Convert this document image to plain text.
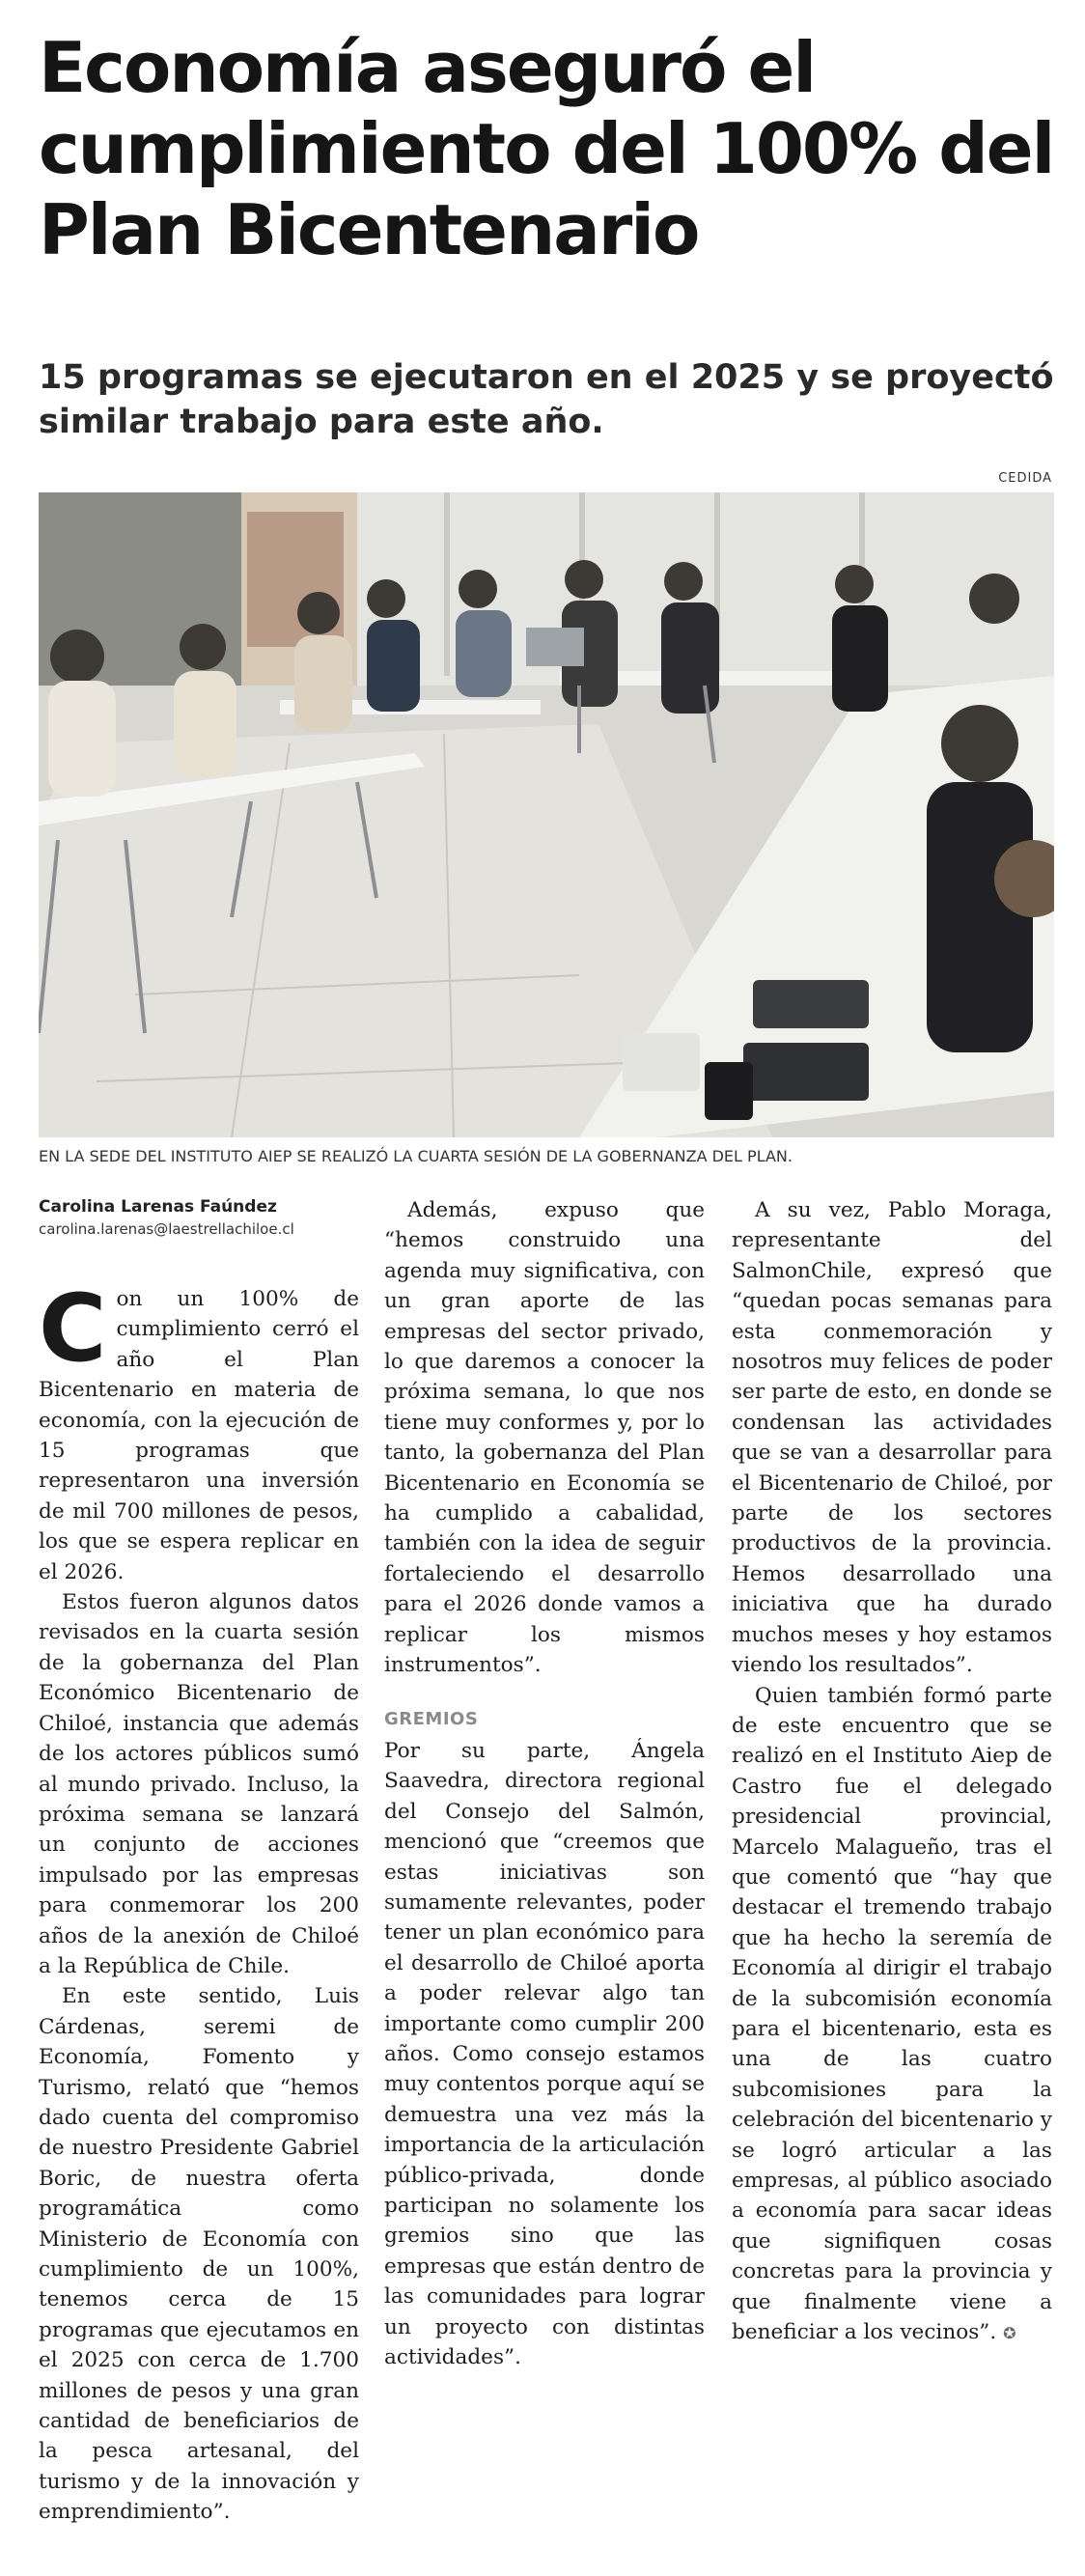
Economía aseguró el cumplimiento del 100% del Plan Bicentenario
15 programas se ejecutaron en el 2025 y se proyectó similar trabajo para este año.
CEDIDA
EN LA SEDE DEL INSTITUTO AIEP SE REALIZÓ LA CUARTA SESIÓN DE LA GOBERNANZA DEL PLAN.
Carolina Larenas Faúndez
carolina.larenas@laestrellachiloe.cl

C on un 100% de cumplimiento cerró el año el Plan Bicentenario en materia de economía, con la ejecución de 15 programas que representaron una inversión de mil 700 millones de pesos, los que se espera replicar en el 2026.

Estos fueron algunos datos revisados en la cuarta sesión de la gobernanza del Plan Económico Bicentenario de Chiloé, instancia que además de los actores públicos sumó al mundo privado. Incluso, la próxima semana se lanzará un conjunto de acciones impulsado por las empresas para conmemorar los 200 años de la anexión de Chiloé a la República de Chile.

En este sentido, Luis Cárdenas, seremi de Economía, Fomento y Turismo, relató que “hemos dado cuenta del compromiso de nuestro Presidente Gabriel Boric, de nuestra oferta programática como Ministerio de Economía con cumplimiento de un 100%, tenemos cerca de 15 programas que ejecutamos en el 2025 con cerca de 1.700 millones de pesos y una gran cantidad de beneficiarios de la pesca artesanal, del turismo y de la innovación y emprendimiento”.

Además, expuso que “hemos construido una agenda muy significativa, con un gran aporte de las empresas del sector privado, lo que daremos a conocer la próxima semana, lo que nos tiene muy conformes y, por lo tanto, la gobernanza del Plan Bicentenario en Economía se ha cumplido a cabalidad, también con la idea de seguir fortaleciendo el desarrollo para el 2026 donde vamos a replicar los mismos instrumentos”.

GREMIOS

Por su parte, Ángela Saavedra, directora regional del Consejo del Salmón, mencionó que “creemos que estas iniciativas son sumamente relevantes, poder tener un plan económico para el desarrollo de Chiloé aporta a poder relevar algo tan importante como cumplir 200 años. Como consejo estamos muy contentos porque aquí se demuestra una vez más la importancia de la articulación público-privada, donde participan no solamente los gremios sino que las empresas que están dentro de las comunidades para lograr un proyecto con distintas actividades”.

A su vez, Pablo Moraga, representante del SalmonChile, expresó que “quedan pocas semanas para esta conmemoración y nosotros muy felices de poder ser parte de esto, en donde se condensan las actividades que se van a desarrollar para el Bicentenario de Chiloé, por parte de los sectores productivos de la provincia. Hemos desarrollado una iniciativa que ha durado muchos meses y hoy estamos viendo los resultados”.

Quien también formó parte de este encuentro que se realizó en el Instituto Aiep de Castro fue el delegado presidencial provincial, Marcelo Malagueño, tras el que comentó que “hay que destacar el tremendo trabajo que ha hecho la seremía de Economía al dirigir el trabajo de la subcomisión economía para el bicentenario, esta es una de las cuatro subcomisiones para la celebración del bicentenario y se logró articular a las empresas, al público asociado a economía para sacar ideas que signifiquen cosas concretas para la provincia y que finalmente viene a beneficiar a los vecinos”. ✪
